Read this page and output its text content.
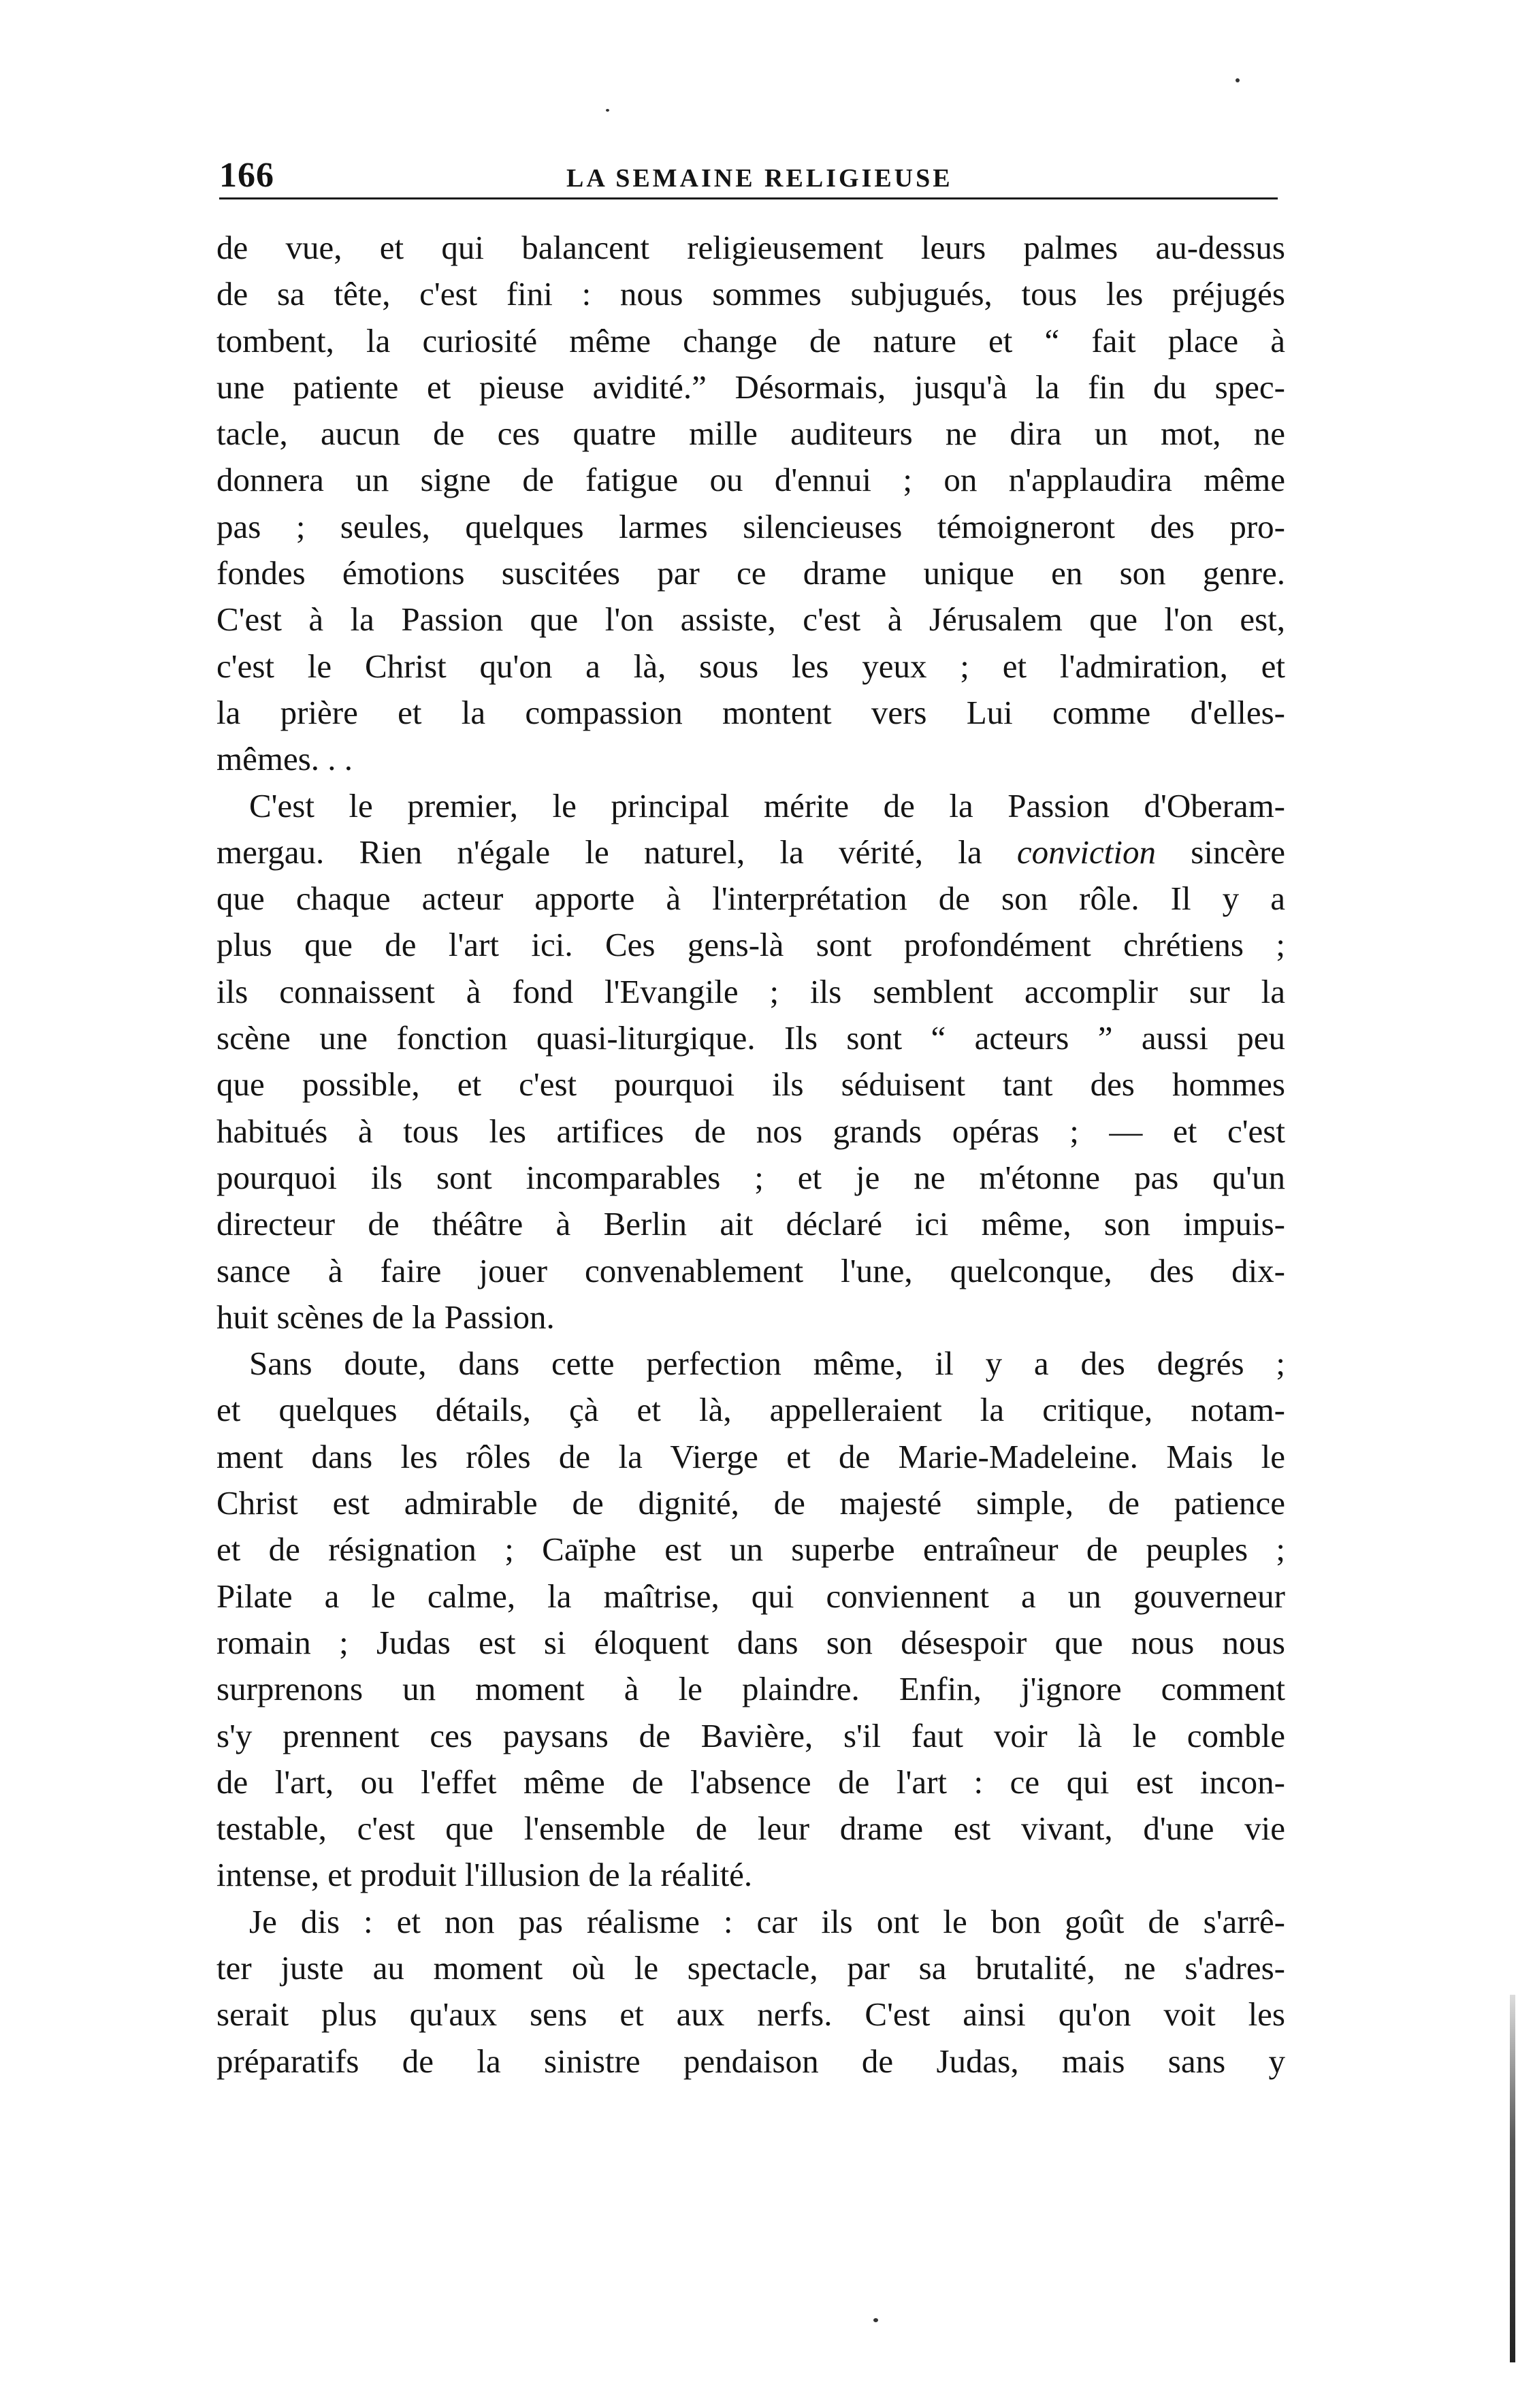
166	LA SEMAINE RELIGIEUSE
de vue, et qui balancent religieusement leurs palmes au-dessus
de sa tête, c'est fini : nous sommes subjugués, tous les préjugés
tombent, la curiosité même change de nature et “ fait place à
une patiente et pieuse avidité.” Désormais, jusqu'à la fin du spec-
tacle, aucun de ces quatre mille auditeurs ne dira un mot, ne
donnera un signe de fatigue ou d'ennui ; on n'applaudira même
pas ; seules, quelques larmes silencieuses témoigneront des pro-
fondes émotions suscitées par ce drame unique en son genre.
C'est à la Passion que l'on assiste, c'est à Jérusalem que l'on est,
c'est le Christ qu'on a là, sous les yeux ; et l'admiration, et
la prière et la compassion montent vers Lui comme d'elles-
mêmes. . .
C'est le premier, le principal mérite de la Passion d'Oberam-
mergau. Rien n'égale le naturel, la vérité, la conviction sincère
que chaque acteur apporte à l'interprétation de son rôle. Il y a
plus que de l'art ici. Ces gens-là sont profondément chrétiens ;
ils connaissent à fond l'Evangile ; ils semblent accomplir sur la
scène une fonction quasi-liturgique. Ils sont “ acteurs ” aussi peu
que possible, et c'est pourquoi ils séduisent tant des hommes
habitués à tous les artifices de nos grands opéras ; — et c'est
pourquoi ils sont incomparables ; et je ne m'étonne pas qu'un
directeur de théâtre à Berlin ait déclaré ici même, son impuis-
sance à faire jouer convenablement l'une, quelconque, des dix-
huit scènes de la Passion.
Sans doute, dans cette perfection même, il y a des degrés ;
et quelques détails, çà et là, appelleraient la critique, notam-
ment dans les rôles de la Vierge et de Marie-Madeleine. Mais le
Christ est admirable de dignité, de majesté simple, de patience
et de résignation ; Caïphe est un superbe entraîneur de peuples ;
Pilate a le calme, la maîtrise, qui conviennent a un gouverneur
romain ; Judas est si éloquent dans son désespoir que nous nous
surprenons un moment à le plaindre. Enfin, j'ignore comment
s'y prennent ces paysans de Bavière, s'il faut voir là le comble
de l'art, ou l'effet même de l'absence de l'art : ce qui est incon-
testable, c'est que l'ensemble de leur drame est vivant, d'une vie
intense, et produit l'illusion de la réalité.
Je dis : et non pas réalisme : car ils ont le bon goût de s'arrê-
ter juste au moment où le spectacle, par sa brutalité, ne s'adres-
serait plus qu'aux sens et aux nerfs. C'est ainsi qu'on voit les
préparatifs de la sinistre pendaison de Judas, mais sans y
